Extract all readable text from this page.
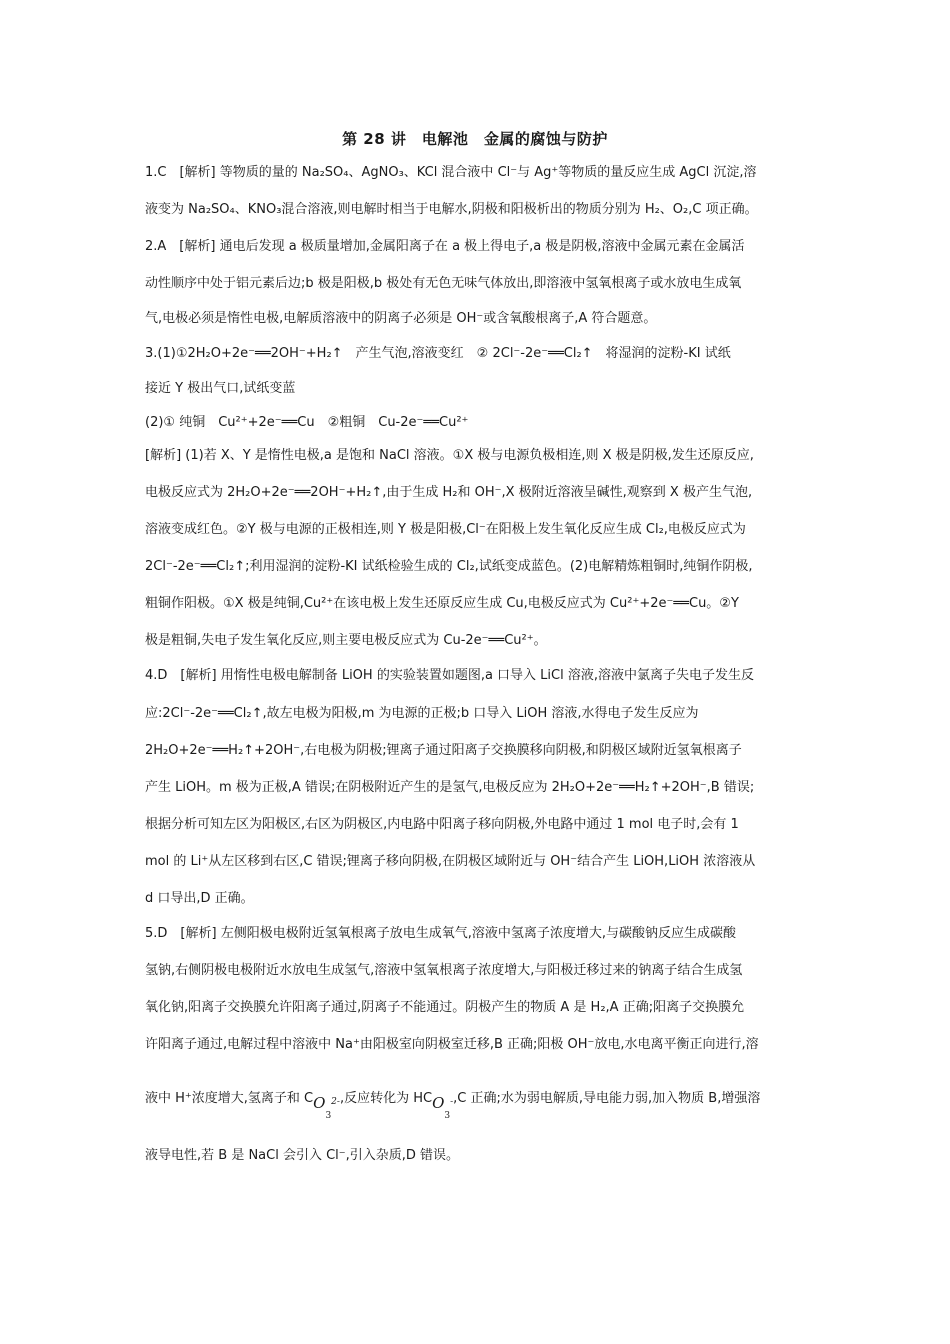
第 28 讲　电解池　金属的腐蚀与防护
1.C　[解析] 等物质的量的 Na₂SO₄、AgNO₃、KCl 混合液中 Cl⁻与 Ag⁺等物质的量反应生成 AgCl 沉淀,溶
液变为 Na₂SO₄、KNO₃混合溶液,则电解时相当于电解水,阴极和阳极析出的物质分别为 H₂、O₂,C 项正确。
2.A　[解析] 通电后发现 a 极质量增加,金属阳离子在 a 极上得电子,a 极是阴极,溶液中金属元素在金属活
动性顺序中处于铝元素后边;b 极是阳极,b 极处有无色无味气体放出,即溶液中氢氧根离子或水放电生成氧
气,电极必须是惰性电极,电解质溶液中的阴离子必须是 OH⁻或含氧酸根离子,A 符合题意。
3.(1)①2H₂O+2e⁻══2OH⁻+H₂↑　产生气泡,溶液变红　② 2Cl⁻-2e⁻══Cl₂↑　将湿润的淀粉-KI 试纸
接近 Y 极出气口,试纸变蓝
(2)① 纯铜　Cu²⁺+2e⁻══Cu　②粗铜　Cu-2e⁻══Cu²⁺
[解析] (1)若 X、Y 是惰性电极,a 是饱和 NaCl 溶液。①X 极与电源负极相连,则 X 极是阴极,发生还原反应,
电极反应式为 2H₂O+2e⁻══2OH⁻+H₂↑,由于生成 H₂和 OH⁻,X 极附近溶液呈碱性,观察到 X 极产生气泡,
溶液变成红色。②Y 极与电源的正极相连,则 Y 极是阳极,Cl⁻在阳极上发生氧化反应生成 Cl₂,电极反应式为
2Cl⁻-2e⁻══Cl₂↑;利用湿润的淀粉-KI 试纸检验生成的 Cl₂,试纸变成蓝色。(2)电解精炼粗铜时,纯铜作阴极,
粗铜作阳极。①X 极是纯铜,Cu²⁺在该电极上发生还原反应生成 Cu,电极反应式为 Cu²⁺+2e⁻══Cu。②Y
极是粗铜,失电子发生氧化反应,则主要电极反应式为 Cu-2e⁻══Cu²⁺。
4.D　[解析] 用惰性电极电解制备 LiOH 的实验装置如题图,a 口导入 LiCl 溶液,溶液中氯离子失电子发生反
应:2Cl⁻-2e⁻══Cl₂↑,故左电极为阳极,m 为电源的正极;b 口导入 LiOH 溶液,水得电子发生反应为
2H₂O+2e⁻══H₂↑+2OH⁻,右电极为阴极;锂离子通过阳离子交换膜移向阴极,和阴极区域附近氢氧根离子
产生 LiOH。m 极为正极,A 错误;在阴极附近产生的是氢气,电极反应为 2H₂O+2e⁻══H₂↑+2OH⁻,B 错误;
根据分析可知左区为阳极区,右区为阴极区,内电路中阳离子移向阴极,外电路中通过 1 mol 电子时,会有 1
mol 的 Li⁺从左区移到右区,C 错误;锂离子移向阴极,在阴极区域附近与 OH⁻结合产生 LiOH,LiOH 浓溶液从
d 口导出,D 正确。
5.D　[解析] 左侧阳极电极附近氢氧根离子放电生成氧气,溶液中氢离子浓度增大,与碳酸钠反应生成碳酸
氢钠,右侧阴极电极附近水放电生成氢气,溶液中氢氧根离子浓度增大,与阳极迁移过来的钠离子结合生成氢
氧化钠,阳离子交换膜允许阳离子通过,阴离子不能通过。阴极产生的物质 A 是 H₂,A 正确;阳离子交换膜允
许阳离子通过,电解过程中溶液中 Na⁺由阳极室向阴极室迁移,B 正确;阳极 OH⁻放电,水电离平衡正向进行,溶
液中 H⁺浓度增大,氢离子和 $CO_3^{2-}$,反应转化为 $HCO_3^-,C$ 正确;水为弱电解质,导电能力弱,加入物质 B,增强溶
液导电性,若 B 是 NaCl 会引入 Cl⁻,引入杂质,D 错误。
